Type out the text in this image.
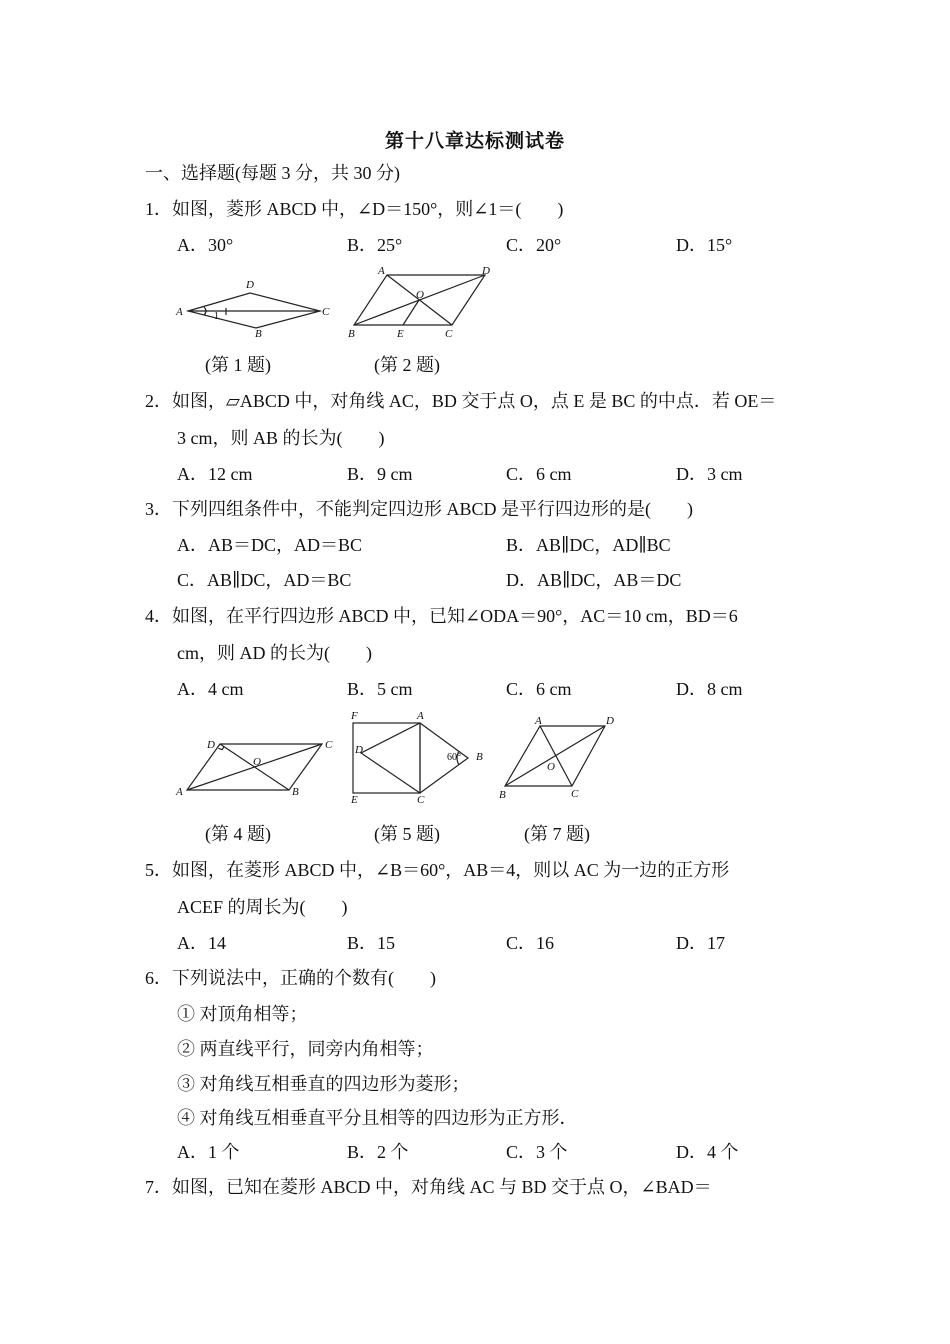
第十八章达标测试卷
一、选择题(每题 3 分，共 30 分)
1．如图，菱形 ABCD 中，∠D＝150°，则∠1＝(　　)
A．30°	B．25°	C．20°	D．15°
A
B
C
D
1
A
B	C
D
O
E
(第 1 题)	(第 2 题)
2．如图，▱ABCD 中，对角线 AC，BD 交于点 O，点 E 是 BC 的中点．若 OE＝
3 cm，则 AB 的长为(　　)
A．12 cm	B．9 cm	C．6 cm	D．3 cm
3．下列四组条件中，不能判定四边形 ABCD 是平行四边形的是(　　)
A．AB＝DC，AD＝BC	B．AB∥DC，AD∥BC
C．AB∥DC，AD＝BC	D．AB∥DC，AB＝DC
4．如图，在平行四边形 ABCD 中，已知∠ODA＝90°，AC＝10 cm，BD＝6
cm，则 AD 的长为(　　)
A．4 cm	B．5 cm	C．6 cm	D．8 cm
A	B
C
D
O
F	A
D
B
E	C
60°
A
B	C
D
O
(第 4 题)	(第 5 题)	(第 7 题)
5．如图，在菱形 ABCD 中，∠B＝60°，AB＝4，则以 AC 为一边的正方形
ACEF 的周长为(　　)
A．14	B．15	C．16	D．17
6．下列说法中，正确的个数有(　　)
① 对顶角相等；
② 两直线平行，同旁内角相等；
③ 对角线互相垂直的四边形为菱形；
④ 对角线互相垂直平分且相等的四边形为正方形．
A．1 个	B．2 个	C．3 个	D．4 个
7．如图，已知在菱形 ABCD 中，对角线 AC 与 BD 交于点 O，∠BAD＝
